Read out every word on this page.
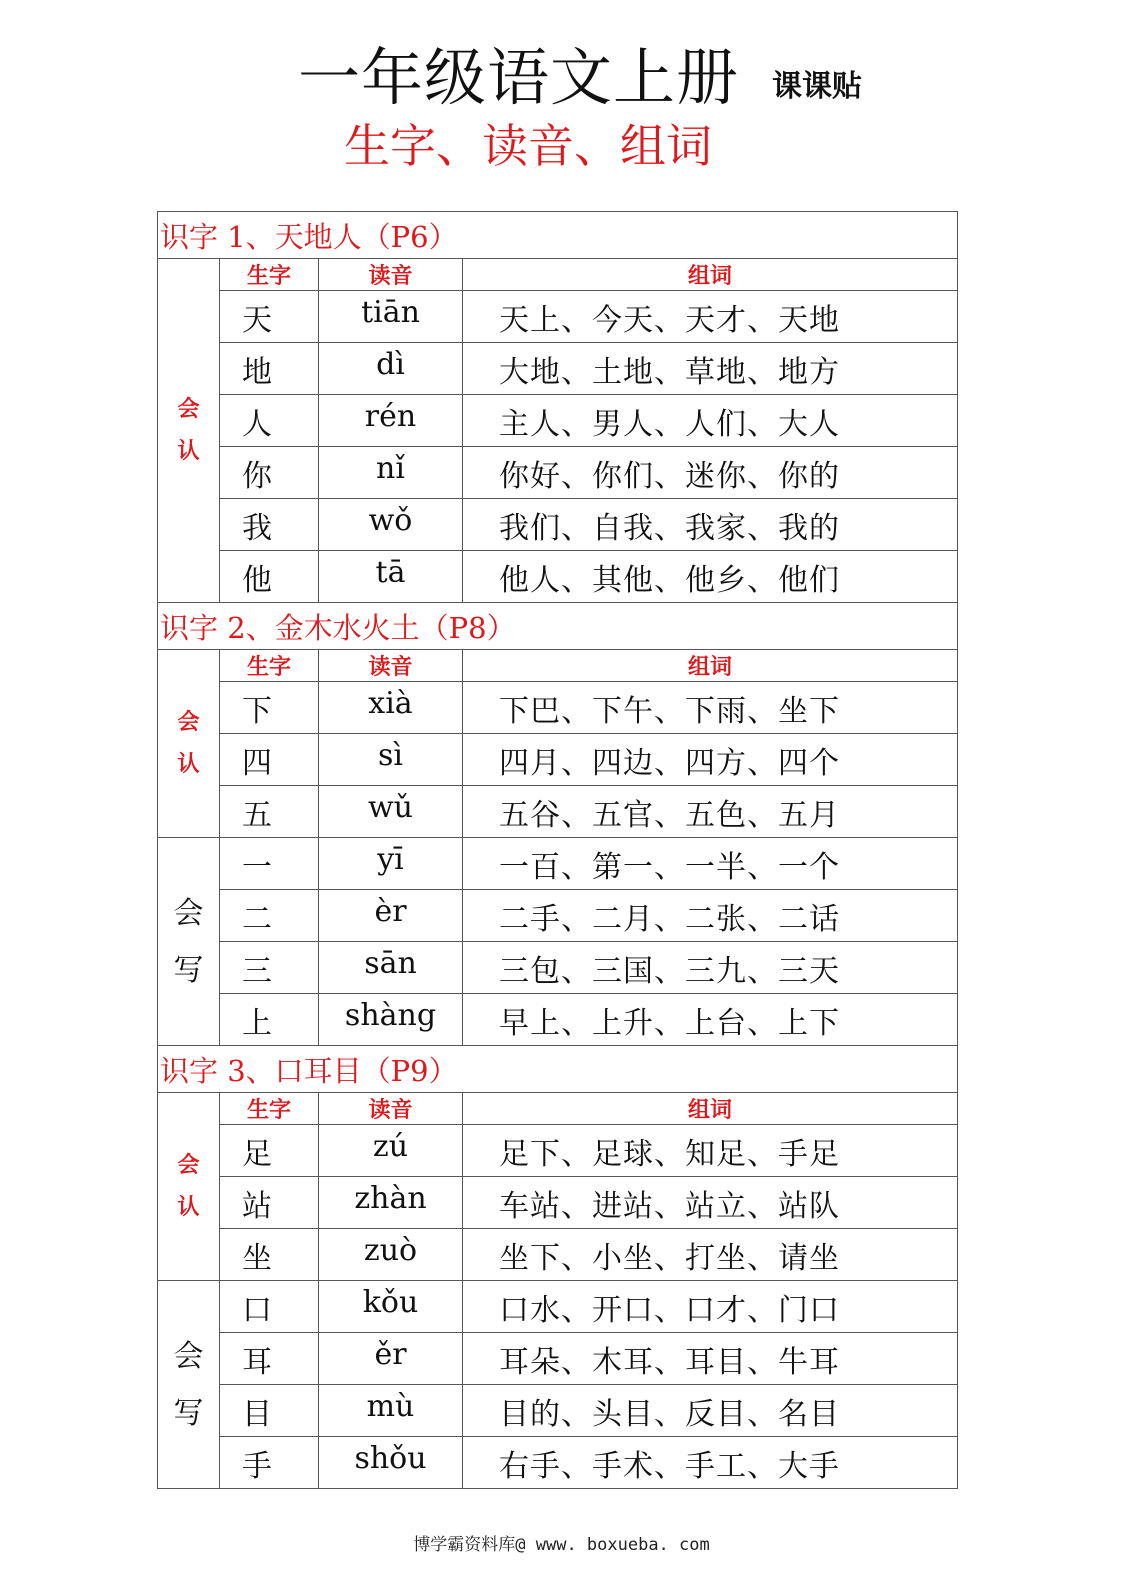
一年级语文上册 课课贴
生字、读音、组词
识字 1、天地人（P6）			

会
认	生字	读音	组词
	天	tiān	天上、今天、天才、天地
	地	dì	大地、土地、草地、地方
	人	rén	主人、男人、人们、大人
	你	nǐ	你好、你们、迷你、你的
	我	wǒ	我们、自我、我家、我的
	他	tā	他人、其他、他乡、他们
识字 2、金木水火土（P8）			

会
认	生字	读音	组词
	下	xià	下巴、下午、下雨、坐下
	四	sì	四月、四边、四方、四个
	五	wǔ	五谷、五官、五色、五月

会
写	一	yī	一百、第一、一半、一个
	二	èr	二手、二月、二张、二话
	三	sān	三包、三国、三九、三天
	上	shàng	早上、上升、上台、上下
识字 3、口耳目（P9）			

会
认	生字	读音	组词
	足	zú	足下、足球、知足、手足
	站	zhàn	车站、进站、站立、站队
	坐	zuò	坐下、小坐、打坐、请坐

会
写	口	kǒu	口水、开口、口才、门口
	耳	ěr	耳朵、木耳、耳目、牛耳
	目	mù	目的、头目、反目、名目
	手	shǒu	右手、手术、手工、大手
博学霸资料库@ www. boxueba. com
